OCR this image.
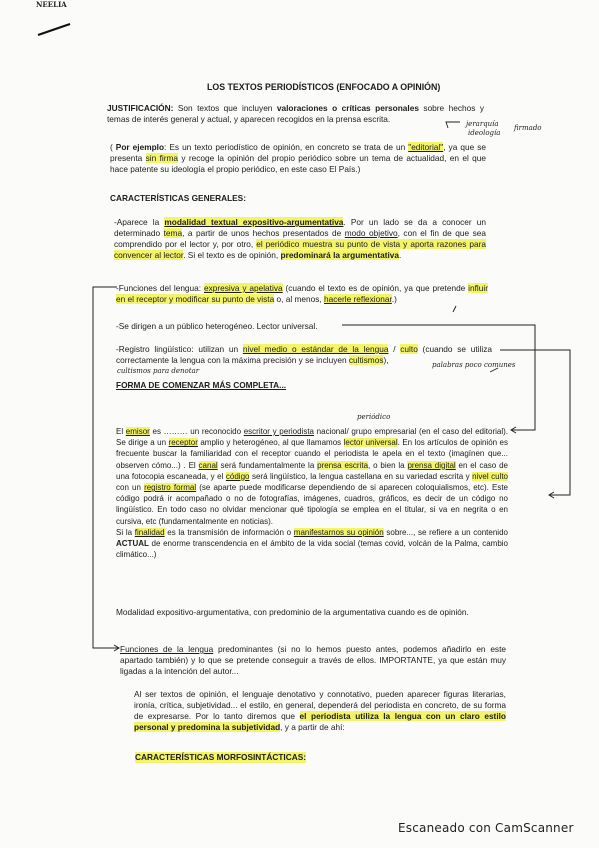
NEELIA
LOS TEXTOS PERIODÍSTICOS (ENFOCADO A OPINIÓN)

JUSTIFICACIÓN: Son textos que incluyen valoraciones o críticas personales sobre hechos y temas de interés general y actual, y aparecen recogidos en la prensa escrita.	jerarquía
ideología
firmado

( Por ejemplo: Es un texto periodístico de opinión, en concreto se trata de un "editorial", ya que se presenta sin firma y recoge la opinión del propio periódico sobre un tema de actualidad, en el que hace patente su ideología el propio periódico, en este caso El País.)

CARACTERÍSTICAS GENERALES:

-Aparece la modalidad textual expositivo-argumentativa. Por un lado se da a conocer un determinado tema, a partir de unos hechos presentados de modo objetivo, con el fin de que sea comprendido por el lector y, por otro, el periódico muestra su punto de vista y aporta razones para convencer al lector. Si el texto es de opinión, predominará la argumentativa.

-Funciones del lengua: expresiva y apelativa (cuando el texto es de opinión, ya que pretende influir en el receptor y modificar su punto de vista o, al menos, hacerle reflexionar.)

-Se dirigen a un público heterogéneo. Lector universal.

-Registro lingüístico: utilizan un nivel medio o estándar de la lengua / culto (cuando se utiliza correctamente la lengua con la máxima precisión y se incluyen cultismos),	palabras poco comunes
cultismos para denotar
FORMA DE COMENZAR MÁS COMPLETA...
periódico

El emisor es ……… un reconocido escritor y periodista nacional/ grupo empresarial (en el caso del editorial). Se dirige a un receptor amplio y heterogéneo, al que llamamos lector universal. En los artículos de opinión es frecuente buscar la familiaridad con el receptor cuando el periodista le apela en el texto (imagínen que... observen cómo...) . El canal será fundamentalmente la prensa escrita, o bien la prensa digital en el caso de una fotocopia escaneada, y el código será lingüístico, la lengua castellana en su variedad escrita y nivel culto con un registro formal (se aparte puede modificarse dependiendo de si aparecen coloquialismos, etc). Este código podrá ir acompañado o no de fotografías, imágenes, cuadros, gráficos, es decir de un código no lingüístico. En todo caso no olvidar mencionar qué tipología se emplea en el titular, si va en negrita o en cursiva, etc (fundamentalmente en noticias).
Si la finalidad es la transmisión de información o manifestarnos su opinión sobre..., se refiere a un contenido ACTUAL de enorme transcendencia en el ámbito de la vida social (temas covid, volcán de la Palma, cambio climático...)

Modalidad expositivo-argumentativa, con predominio de la argumentativa cuando es de opinión.

Funciones de la lengua predominantes (si no lo hemos puesto antes, podemos añadirlo en este apartado también) y lo que se pretende conseguir a través de ellos. IMPORTANTE, ya que están muy ligadas a la intención del autor...

Al ser textos de opinión, el lenguaje denotativo y connotativo, pueden aparecer figuras literarias, ironía, crítica, subjetividad... el estilo, en general, dependerá del periodista en concreto, de su forma de expresarse. Por lo tanto diremos que el periodista utiliza la lengua con un claro estilo personal y predomina la subjetividad, y a partir de ahí:

CARACTERÍSTICAS MORFOSINTÁCTICAS:
Escaneado con CamScanner
